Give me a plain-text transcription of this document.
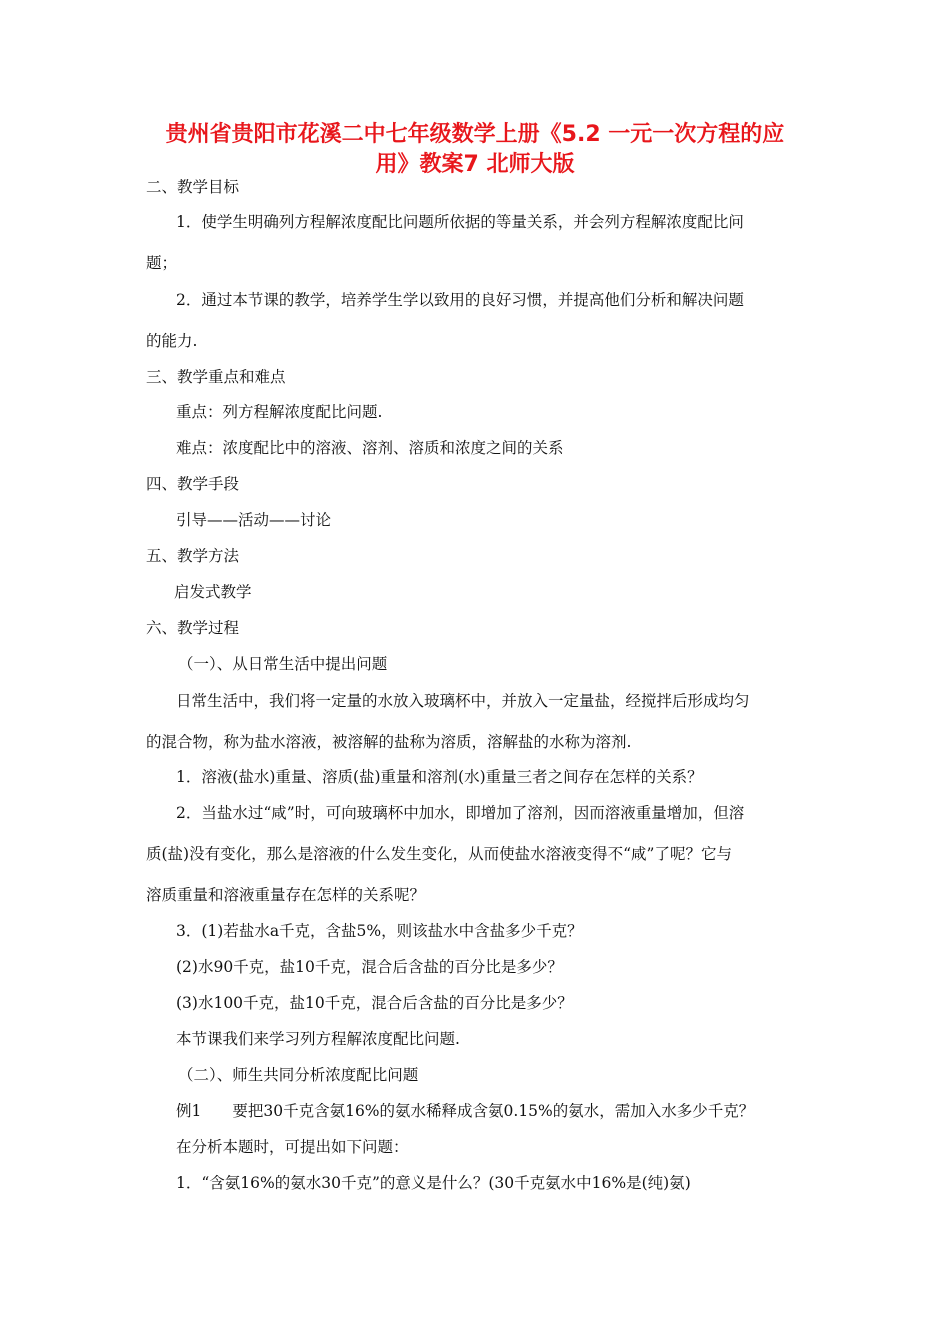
贵州省贵阳市花溪二中七年级数学上册《5.2 一元一次方程的应
用》教案7 北师大版
二、教学目标
1．使学生明确列方程解浓度配比问题所依据的等量关系，并会列方程解浓度配比问
题；
2．通过本节课的教学，培养学生学以致用的良好习惯，并提高他们分析和解决问题
的能力.
三、教学重点和难点
重点：列方程解浓度配比问题.
难点：浓度配比中的溶液、溶剂、溶质和浓度之间的关系
四、教学手段
引导——活动——讨论
五、教学方法
启发式教学
六、教学过程
（一）、从日常生活中提出问题
日常生活中，我们将一定量的水放入玻璃杯中，并放入一定量盐，经搅拌后形成均匀
的混合物，称为盐水溶液，被溶解的盐称为溶质，溶解盐的水称为溶剂.
1．溶液(盐水)重量、溶质(盐)重量和溶剂(水)重量三者之间存在怎样的关系？
2．当盐水过“咸”时，可向玻璃杯中加水，即增加了溶剂，因而溶液重量增加，但溶
质(盐)没有变化，那么是溶液的什么发生变化，从而使盐水溶液变得不“咸”了呢？它与
溶质重量和溶液重量存在怎样的关系呢？
3．(1)若盐水a千克，含盐5%，则该盐水中含盐多少千克？
(2)水90千克，盐10千克，混合后含盐的百分比是多少？
(3)水100千克，盐10千克，混合后含盐的百分比是多少？
本节课我们来学习列方程解浓度配比问题.
（二）、师生共同分析浓度配比问题
例1　　要把30千克含氨16%的氨水稀释成含氨0.15%的氨水，需加入水多少千克？
在分析本题时，可提出如下问题：
1．“含氨16%的氨水30千克”的意义是什么？(30千克氨水中16%是(纯)氨)
